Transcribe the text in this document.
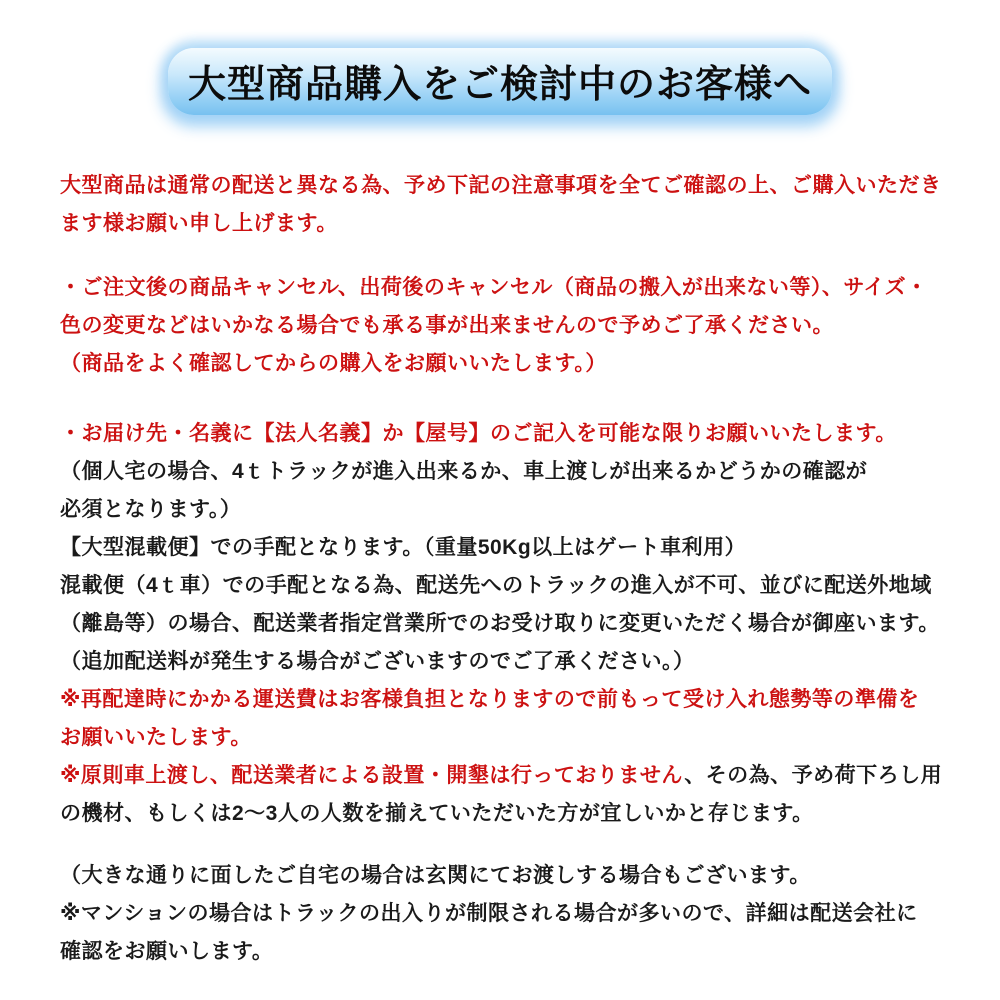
大型商品購入をご検討中のお客様へ

大型商品は通常の配送と異なる為、予め下記の注意事項を全てご確認の上、ご購入いただき

ます様お願い申し上げます。

・ご注文後の商品キャンセル、出荷後のキャンセル（商品の搬入が出来ない等）、サイズ・

色の変更などはいかなる場合でも承る事が出来ませんので予めご了承ください。

（商品をよく確認してからの購入をお願いいたします。）

・お届け先・名義に【法人名義】か【屋号】のご記入を可能な限りお願いいたします。

（個人宅の場合、4ｔトラックが進入出来るか、車上渡しが出来るかどうかの確認が

必須となります。）

【大型混載便】での手配となります。（重量50Kg以上はゲート車利用）

混載便（4ｔ車）での手配となる為、配送先へのトラックの進入が不可、並びに配送外地域

（離島等）の場合、配送業者指定営業所でのお受け取りに変更いただく場合が御座います。

（追加配送料が発生する場合がございますのでご了承ください。）

※再配達時にかかる運送費はお客様負担となりますので前もって受け入れ態勢等の準備を

お願いいたします。

※原則車上渡し、配送業者による設置・開墾は行っておりません、その為、予め荷下ろし用

の機材、もしくは2～3人の人数を揃えていただいた方が宜しいかと存じます。

（大きな通りに面したご自宅の場合は玄関にてお渡しする場合もございます。

※マンションの場合はトラックの出入りが制限される場合が多いので、詳細は配送会社に

確認をお願いします。
